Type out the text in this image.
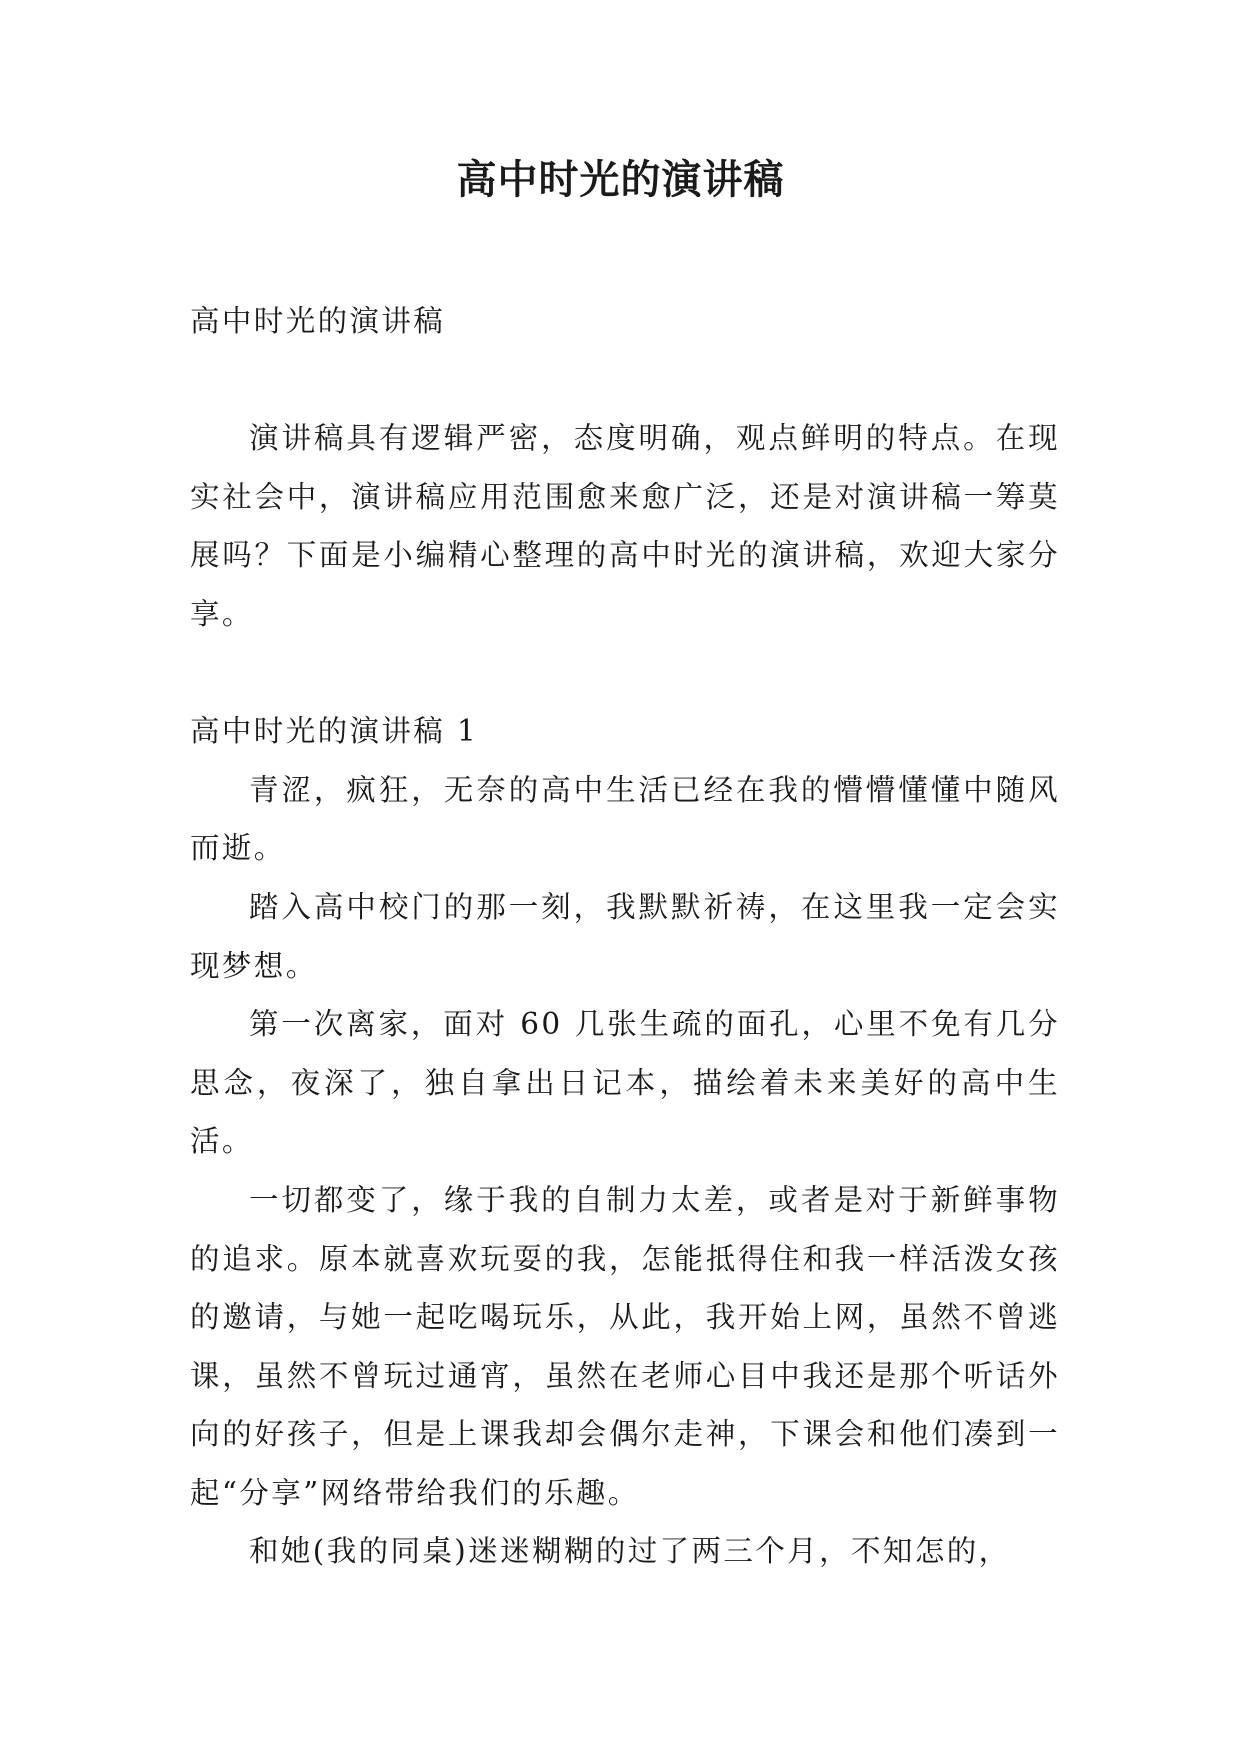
高中时光的演讲稿

高中时光的演讲稿

演讲稿具有逻辑严密，态度明确，观点鲜明的特点。在现实社会中，演讲稿应用范围愈来愈广泛，还是对演讲稿一筹莫展吗？下面是小编精心整理的高中时光的演讲稿，欢迎大家分享。

高中时光的演讲稿 1

青涩，疯狂，无奈的高中生活已经在我的懵懵懂懂中随风而逝。

踏入高中校门的那一刻，我默默祈祷，在这里我一定会实现梦想。

第一次离家，面对 60 几张生疏的面孔，心里不免有几分思念，夜深了，独自拿出日记本，描绘着未来美好的高中生活。

一切都变了，缘于我的自制力太差，或者是对于新鲜事物的追求。原本就喜欢玩耍的我，怎能抵得住和我一样活泼女孩的邀请，与她一起吃喝玩乐，从此，我开始上网，虽然不曾逃课，虽然不曾玩过通宵，虽然在老师心目中我还是那个听话外向的好孩子，但是上课我却会偶尔走神，下课会和他们凑到一起“分享”网络带给我们的乐趣。

和她(我的同桌)迷迷糊糊的过了两三个月，不知怎的，
